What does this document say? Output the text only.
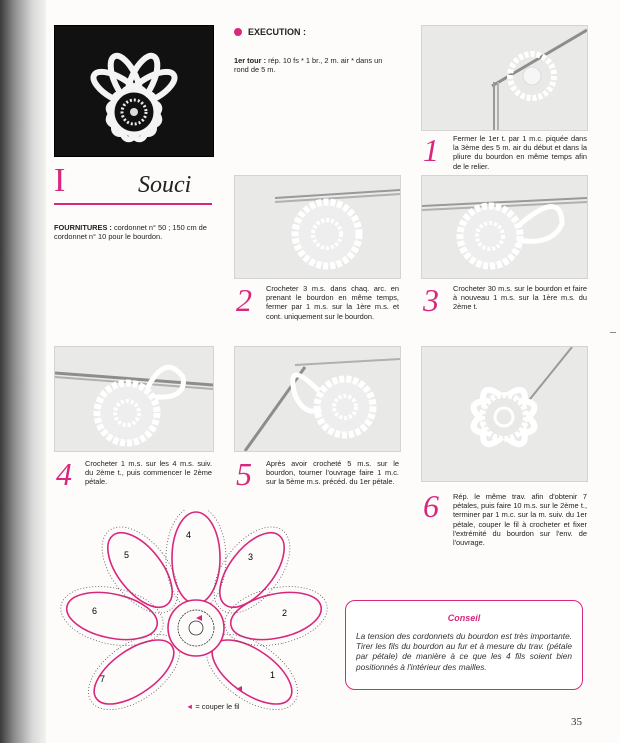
I	Souci
FOURNITURES : cordonnet n° 50 ; 150 cm de cordonnet n° 10 pour le bourdon.
EXECUTION :
1er tour : rép. 10 fs * 1 br., 2 m. air * dans un rond de 5 m.
1 Fermer le 1er t. par 1 m.c. piquée dans la 3ème des 5 m. air du début et dans la pliure du bourdon en même temps afin de le relier.
2 Crocheter 3 m.s. dans chaq. arc. en prenant le bourdon en même temps, fermer par 1 m.s. sur la 1ère m.s. et cont. uniquement sur le bourdon.	3 Crocheter 30 m.s. sur le bourdon et faire à nouveau 1 m.s. sur la 1ère m.s. du 2ème t.
4 Crocheter 1 m.s. sur les 4 m.s. suiv. du 2ème t., puis commencer le 2ème pétale.	5 Après avoir crocheté 5 m.s. sur le bourdon, tourner l'ouvrage faire 1 m.c. sur la 5ème m.s. précéd. du 1er pétale.
6 Rép. le même trav. afin d'obtenir 7 pétales, puis faire 10 m.s. sur le 2ème t., terminer par 1 m.c. sur la m. suiv. du 1er pétale, couper le fil à crocheter et fixer l'extrémité du bourdon sur l'env. de l'ouvrage.
1
2
3
4
5
6
7
◄ = couper le fil
Conseil
La tension des cordonnets du bourdon est très importante. Tirer les fils du bourdon au fur et à mesure du trav. (pétale par pétale) de manière à ce que les 4 fils soient bien positionnés à l'intérieur des mailles.
35
